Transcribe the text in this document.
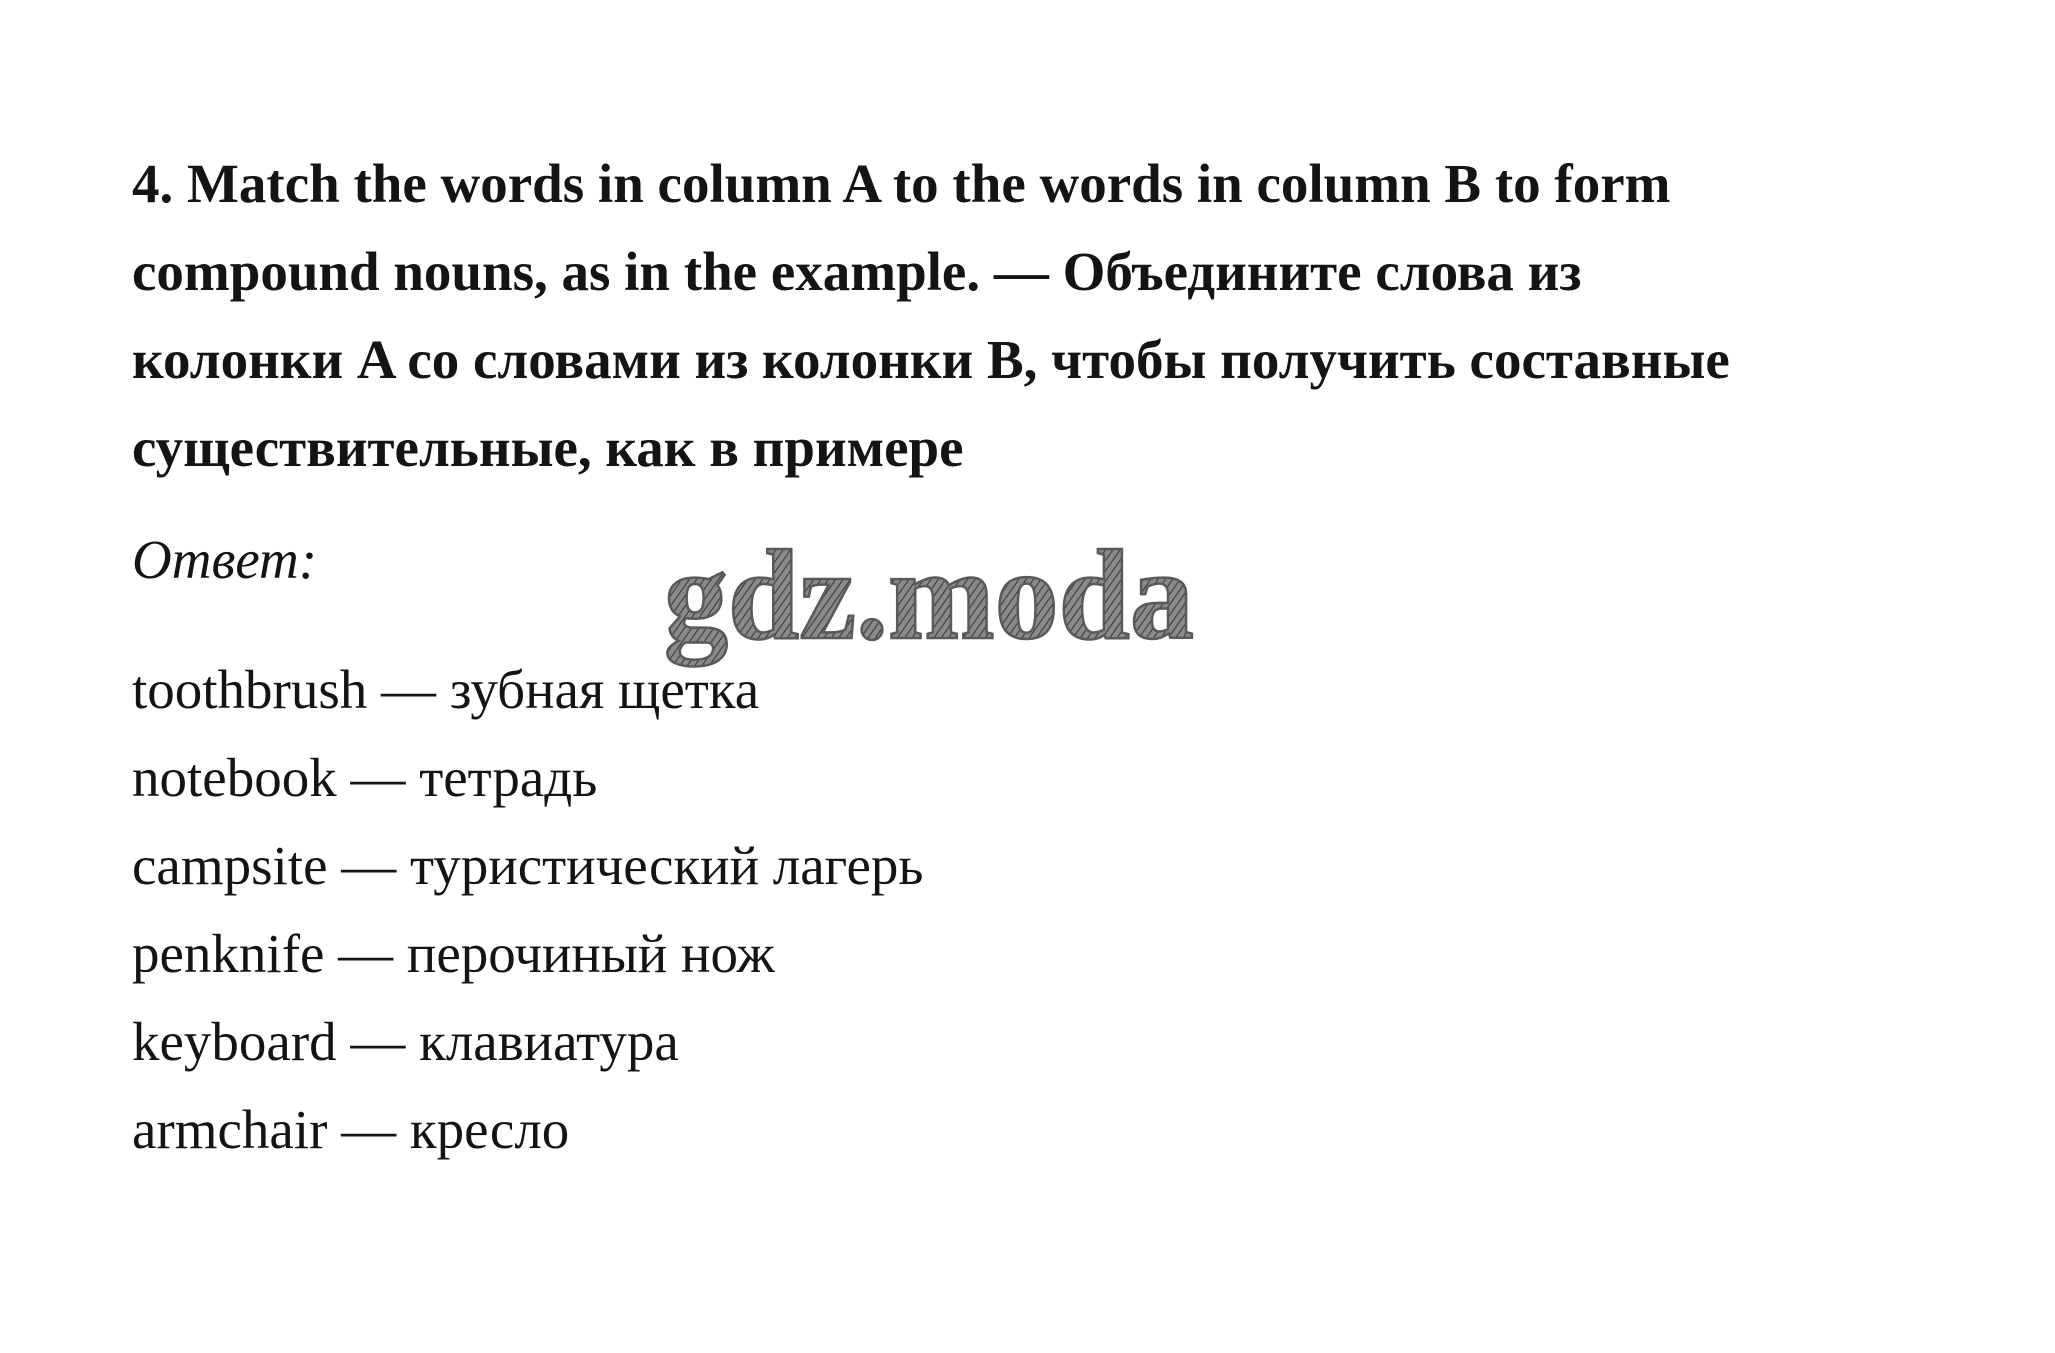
4. Match the words in column A to the words in column B to form
compound nouns, as in the example. — Объедините слова из
колонки A со словами из колонки B, чтобы получить составные
существительные, как в примере

Ответ:

toothbrush — зубная щетка
notebook — тетрадь
campsite — туристический лагерь
penknife — перочиный нож
keyboard — клавиатура
armchair — кресло
gdz.moda
